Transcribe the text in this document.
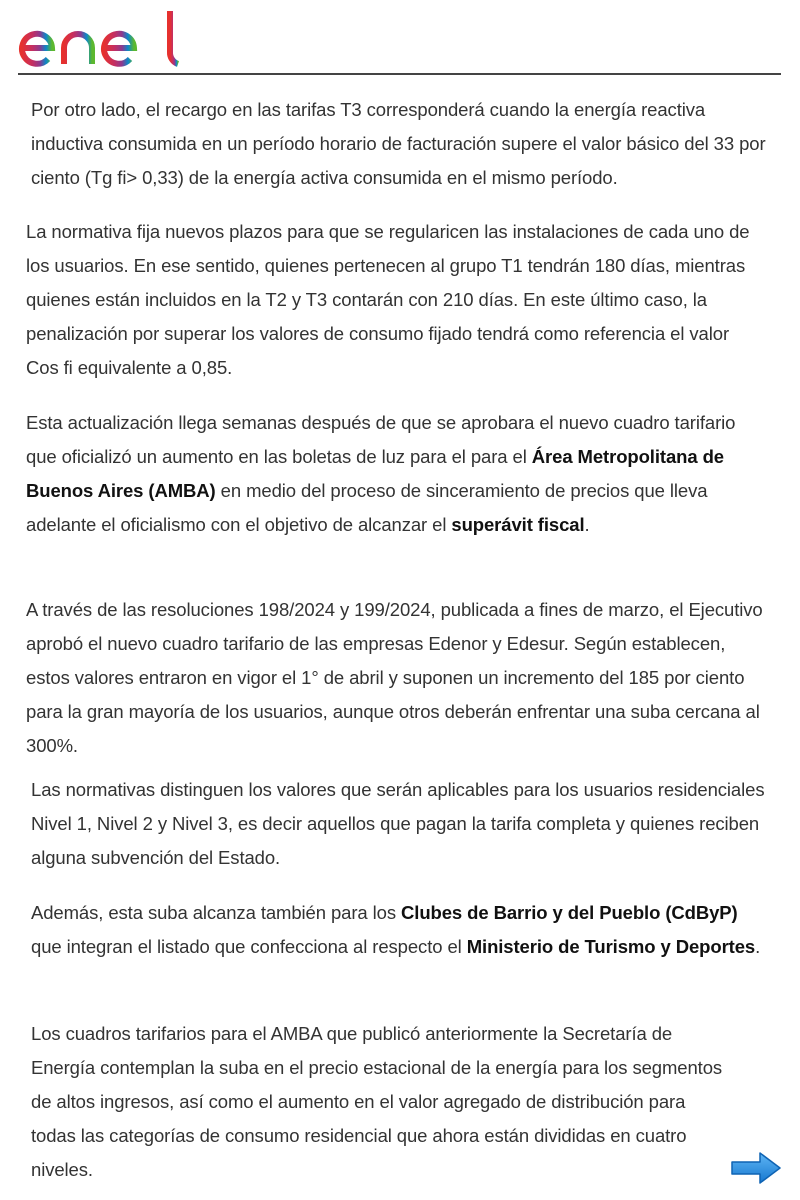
Por otro lado, el recargo en las tarifas T3 corresponderá cuando la energía reactiva inductiva consumida en un período horario de facturación supere el valor básico del 33 por ciento (Tg fi> 0,33) de la energía activa consumida en el mismo período.

La normativa fija nuevos plazos para que se regularicen las instalaciones de cada uno de los usuarios. En ese sentido, quienes pertenecen al grupo T1 tendrán 180 días, mientras quienes están incluidos en la T2 y T3 contarán con 210 días. En este último caso, la penalización por superar los valores de consumo fijado tendrá como referencia el valor Cos fi equivalente a 0,85.

Esta actualización llega semanas después de que se aprobara el nuevo cuadro tarifario que oficializó un aumento en las boletas de luz para el para el Área Metropolitana de Buenos Aires (AMBA) en medio del proceso de sinceramiento de precios que lleva adelante el oficialismo con el objetivo de alcanzar el superávit fiscal.

A través de las resoluciones 198/2024 y 199/2024, publicada a fines de marzo, el Ejecutivo aprobó el nuevo cuadro tarifario de las empresas Edenor y Edesur. Según establecen, estos valores entraron en vigor el 1° de abril y suponen un incremento del 185 por ciento para la gran mayoría de los usuarios, aunque otros deberán enfrentar una suba cercana al 300%.

Las normativas distinguen los valores que serán aplicables para los usuarios residenciales Nivel 1, Nivel 2 y Nivel 3, es decir aquellos que pagan la tarifa completa y quienes reciben alguna subvención del Estado.

Además, esta suba alcanza también para los Clubes de Barrio y del Pueblo (CdByP) que integran el listado que confecciona al respecto el Ministerio de Turismo y Deportes.

Los cuadros tarifarios para el AMBA que publicó anteriormente la Secretaría de Energía contemplan la suba en el precio estacional de la energía para los segmentos de altos ingresos, así como el aumento en el valor agregado de distribución para todas las categorías de consumo residencial que ahora están divididas en cuatro niveles.
